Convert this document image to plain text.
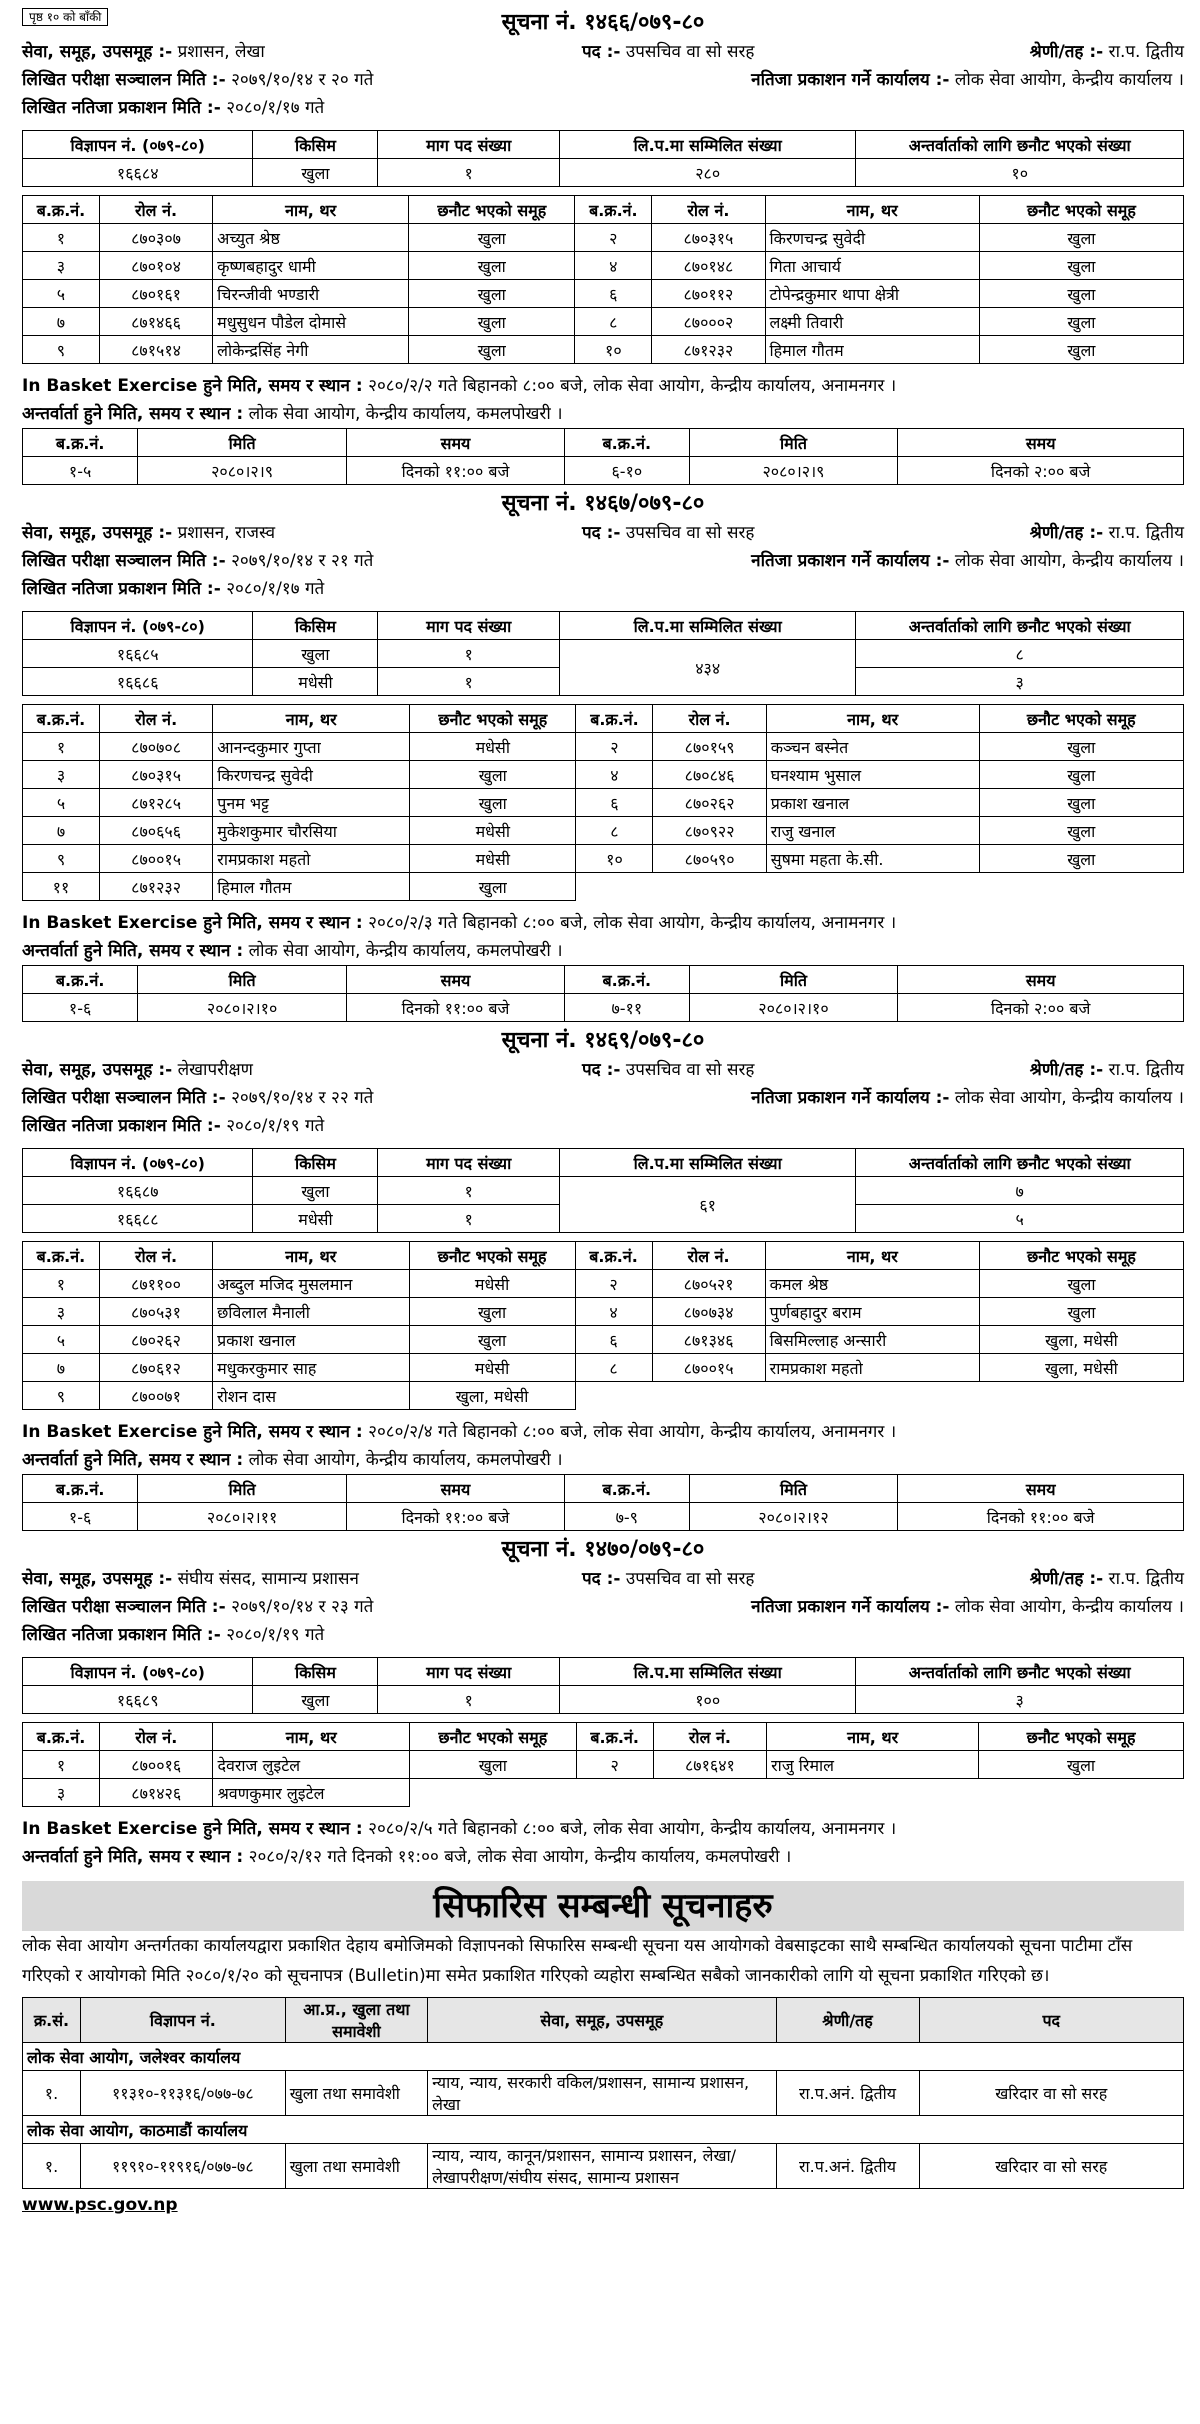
पृष्ठ १० को बाँकी	सूचना नं. १४६६/०७९-८०
सेवा, समूह, उपसमूह :- प्रशासन, लेखा	पद :- उपसचिव वा सो सरह	श्रेणी/तह :- रा.प. द्वितीय
लिखित परीक्षा सञ्चालन मिति :- २०७९/१०/१४ र २० गते	नतिजा प्रकाशन गर्ने कार्यालय :- लोक सेवा आयोग, केन्द्रीय कार्यालय ।
लिखित नतिजा प्रकाशन मिति :- २०८०/१/१७ गते
विज्ञापन नं. (०७९-८०)	किसिम	माग पद संख्या	लि.प.मा सम्मिलित संख्या	अन्तर्वार्ताको लागि छनौट भएको संख्या
१६६८४	खुला	१	२८०	१०
ब.क्र.नं.	रोल नं.	नाम, थर	छनौट भएको समूह	ब.क्र.नं.	रोल नं.	नाम, थर	छनौट भएको समूह
१	८७०३०७	अच्युत श्रेष्ठ	खुला	२	८७०३१५	किरणचन्द्र सुवेदी	खुला
३	८७०१०४	कृष्णबहादुर धामी	खुला	४	८७०१४८	गिता आचार्य	खुला
५	८७०१६१	चिरन्जीवी भण्डारी	खुला	६	८७०११२	टोपेन्द्रकुमार थापा क्षेत्री	खुला
७	८७१४६६	मधुसुधन पौडेल दोमासे	खुला	८	८७०००२	लक्ष्मी तिवारी	खुला
९	८७१५१४	लोकेन्द्रसिंह नेगी	खुला	१०	८७१२३२	हिमाल गौतम	खुला
In Basket Exercise हुने मिति, समय र स्थान : २०८०/२/२ गते बिहानको ८:०० बजे, लोक सेवा आयोग, केन्द्रीय कार्यालय, अनामनगर ।
अन्तर्वार्ता हुने मिति, समय र स्थान : लोक सेवा आयोग, केन्द्रीय कार्यालय, कमलपोखरी ।
ब.क्र.नं.	मिति	समय	ब.क्र.नं.	मिति	समय
१-५	२०८०।२।९	दिनको ११:०० बजे	६-१०	२०८०।२।९	दिनको २:०० बजे
सूचना नं. १४६७/०७९-८०
सेवा, समूह, उपसमूह :- प्रशासन, राजस्व	पद :- उपसचिव वा सो सरह	श्रेणी/तह :- रा.प. द्वितीय
लिखित परीक्षा सञ्चालन मिति :- २०७९/१०/१४ र २१ गते	नतिजा प्रकाशन गर्ने कार्यालय :- लोक सेवा आयोग, केन्द्रीय कार्यालय ।
लिखित नतिजा प्रकाशन मिति :- २०८०/१/१७ गते
विज्ञापन नं. (०७९-८०)	किसिम	माग पद संख्या	लि.प.मा सम्मिलित संख्या	अन्तर्वार्ताको लागि छनौट भएको संख्या
१६६८५	खुला	१	४३४	८
१६६८६	मधेसी	१		३
ब.क्र.नं.	रोल नं.	नाम, थर	छनौट भएको समूह	ब.क्र.नं.	रोल नं.	नाम, थर	छनौट भएको समूह
१	८७०७०८	आनन्दकुमार गुप्ता	मधेसी	२	८७०१५९	कञ्चन बस्नेत	खुला
३	८७०३१५	किरणचन्द्र सुवेदी	खुला	४	८७०८४६	घनश्याम भुसाल	खुला
५	८७१२८५	पुनम भट्ट	खुला	६	८७०२६२	प्रकाश खनाल	खुला
७	८७०६५६	मुकेशकुमार चौरसिया	मधेसी	८	८७०९२२	राजु खनाल	खुला
९	८७००१५	रामप्रकाश महतो	मधेसी	१०	८७०५९०	सुषमा महता के.सी.	खुला
११	८७१२३२	हिमाल गौतम	खुला				
In Basket Exercise हुने मिति, समय र स्थान : २०८०/२/३ गते बिहानको ८:०० बजे, लोक सेवा आयोग, केन्द्रीय कार्यालय, अनामनगर ।
अन्तर्वार्ता हुने मिति, समय र स्थान : लोक सेवा आयोग, केन्द्रीय कार्यालय, कमलपोखरी ।
ब.क्र.नं.	मिति	समय	ब.क्र.नं.	मिति	समय
१-६	२०८०।२।१०	दिनको ११:०० बजे	७-११	२०८०।२।१०	दिनको २:०० बजे
सूचना नं. १४६९/०७९-८०
सेवा, समूह, उपसमूह :- लेखापरीक्षण	पद :- उपसचिव वा सो सरह	श्रेणी/तह :- रा.प. द्वितीय
लिखित परीक्षा सञ्चालन मिति :- २०७९/१०/१४ र २२ गते	नतिजा प्रकाशन गर्ने कार्यालय :- लोक सेवा आयोग, केन्द्रीय कार्यालय ।
लिखित नतिजा प्रकाशन मिति :- २०८०/१/१९ गते
विज्ञापन नं. (०७९-८०)	किसिम	माग पद संख्या	लि.प.मा सम्मिलित संख्या	अन्तर्वार्ताको लागि छनौट भएको संख्या
१६६८७	खुला	१	६१	७
१६६८८	मधेसी	१		५
ब.क्र.नं.	रोल नं.	नाम, थर	छनौट भएको समूह	ब.क्र.नं.	रोल नं.	नाम, थर	छनौट भएको समूह
१	८७११००	अब्दुल मजिद मुसलमान	मधेसी	२	८७०५२१	कमल श्रेष्ठ	खुला
३	८७०५३१	छविलाल मैनाली	खुला	४	८७०७३४	पुर्णबहादुर बराम	खुला
५	८७०२६२	प्रकाश खनाल	खुला	६	८७१३४६	बिसमिल्लाह अन्सारी	खुला, मधेसी
७	८७०६१२	मधुकरकुमार साह	मधेसी	८	८७००१५	रामप्रकाश महतो	खुला, मधेसी
९	८७००७१	रोशन दास	खुला, मधेसी				
In Basket Exercise हुने मिति, समय र स्थान : २०८०/२/४ गते बिहानको ८:०० बजे, लोक सेवा आयोग, केन्द्रीय कार्यालय, अनामनगर ।
अन्तर्वार्ता हुने मिति, समय र स्थान : लोक सेवा आयोग, केन्द्रीय कार्यालय, कमलपोखरी ।
ब.क्र.नं.	मिति	समय	ब.क्र.नं.	मिति	समय
१-६	२०८०।२।११	दिनको ११:०० बजे	७-९	२०८०।२।१२	दिनको ११:०० बजे
सूचना नं. १४७०/०७९-८०
सेवा, समूह, उपसमूह :- संघीय संसद, सामान्य प्रशासन	पद :- उपसचिव वा सो सरह	श्रेणी/तह :- रा.प. द्वितीय
लिखित परीक्षा सञ्चालन मिति :- २०७९/१०/१४ र २३ गते	नतिजा प्रकाशन गर्ने कार्यालय :- लोक सेवा आयोग, केन्द्रीय कार्यालय ।
लिखित नतिजा प्रकाशन मिति :- २०८०/१/१९ गते
विज्ञापन नं. (०७९-८०)	किसिम	माग पद संख्या	लि.प.मा सम्मिलित संख्या	अन्तर्वार्ताको लागि छनौट भएको संख्या
१६६८९	खुला	१	१००	३
ब.क्र.नं.	रोल नं.	नाम, थर	छनौट भएको समूह	ब.क्र.नं.	रोल नं.	नाम, थर	छनौट भएको समूह
१	८७००१६	देवराज लुइटेल	खुला	२	८७१६४१	राजु रिमाल	खुला
३	८७१४२६	श्रवणकुमार लुइटेल					
In Basket Exercise हुने मिति, समय र स्थान : २०८०/२/५ गते बिहानको ८:०० बजे, लोक सेवा आयोग, केन्द्रीय कार्यालय, अनामनगर ।
अन्तर्वार्ता हुने मिति, समय र स्थान : २०८०/२/१२ गते दिनको ११:०० बजे, लोक सेवा आयोग, केन्द्रीय कार्यालय, कमलपोखरी ।
सिफारिस सम्बन्धी सूचनाहरु
लोक सेवा आयोग अन्तर्गतका कार्यालयद्वारा प्रकाशित देहाय बमोजिमको विज्ञापनको सिफारिस सम्बन्धी सूचना यस आयोगको वेबसाइटका साथै सम्बन्धित कार्यालयको सूचना पाटीमा टाँस गरिएको र आयोगको मिति २०८०/१/२० को सूचनापत्र (Bulletin)मा समेत प्रकाशित गरिएको व्यहोरा सम्बन्धित सबैको जानकारीको लागि यो सूचना प्रकाशित गरिएको छ।
क्र.सं.	विज्ञापन नं.	आ.प्र., खुला तथा समावेशी	सेवा, समूह, उपसमूह	श्रेणी/तह	पद
लोक सेवा आयोग, जलेश्वर कार्यालय					
१.	११३१०-११३१६/०७७-७८	खुला तथा समावेशी	न्याय, न्याय, सरकारी वकिल/प्रशासन, सामान्य प्रशासन, लेखा	रा.प.अनं. द्वितीय	खरिदार वा सो सरह
लोक सेवा आयोग, काठमाडौं कार्यालय					
१.	११९१०-११९१६/०७७-७८	खुला तथा समावेशी	न्याय, न्याय, कानून/प्रशासन, सामान्य प्रशासन, लेखा/लेखापरीक्षण/संघीय संसद, सामान्य प्रशासन	रा.प.अनं. द्वितीय	खरिदार वा सो सरह
www.psc.gov.np
